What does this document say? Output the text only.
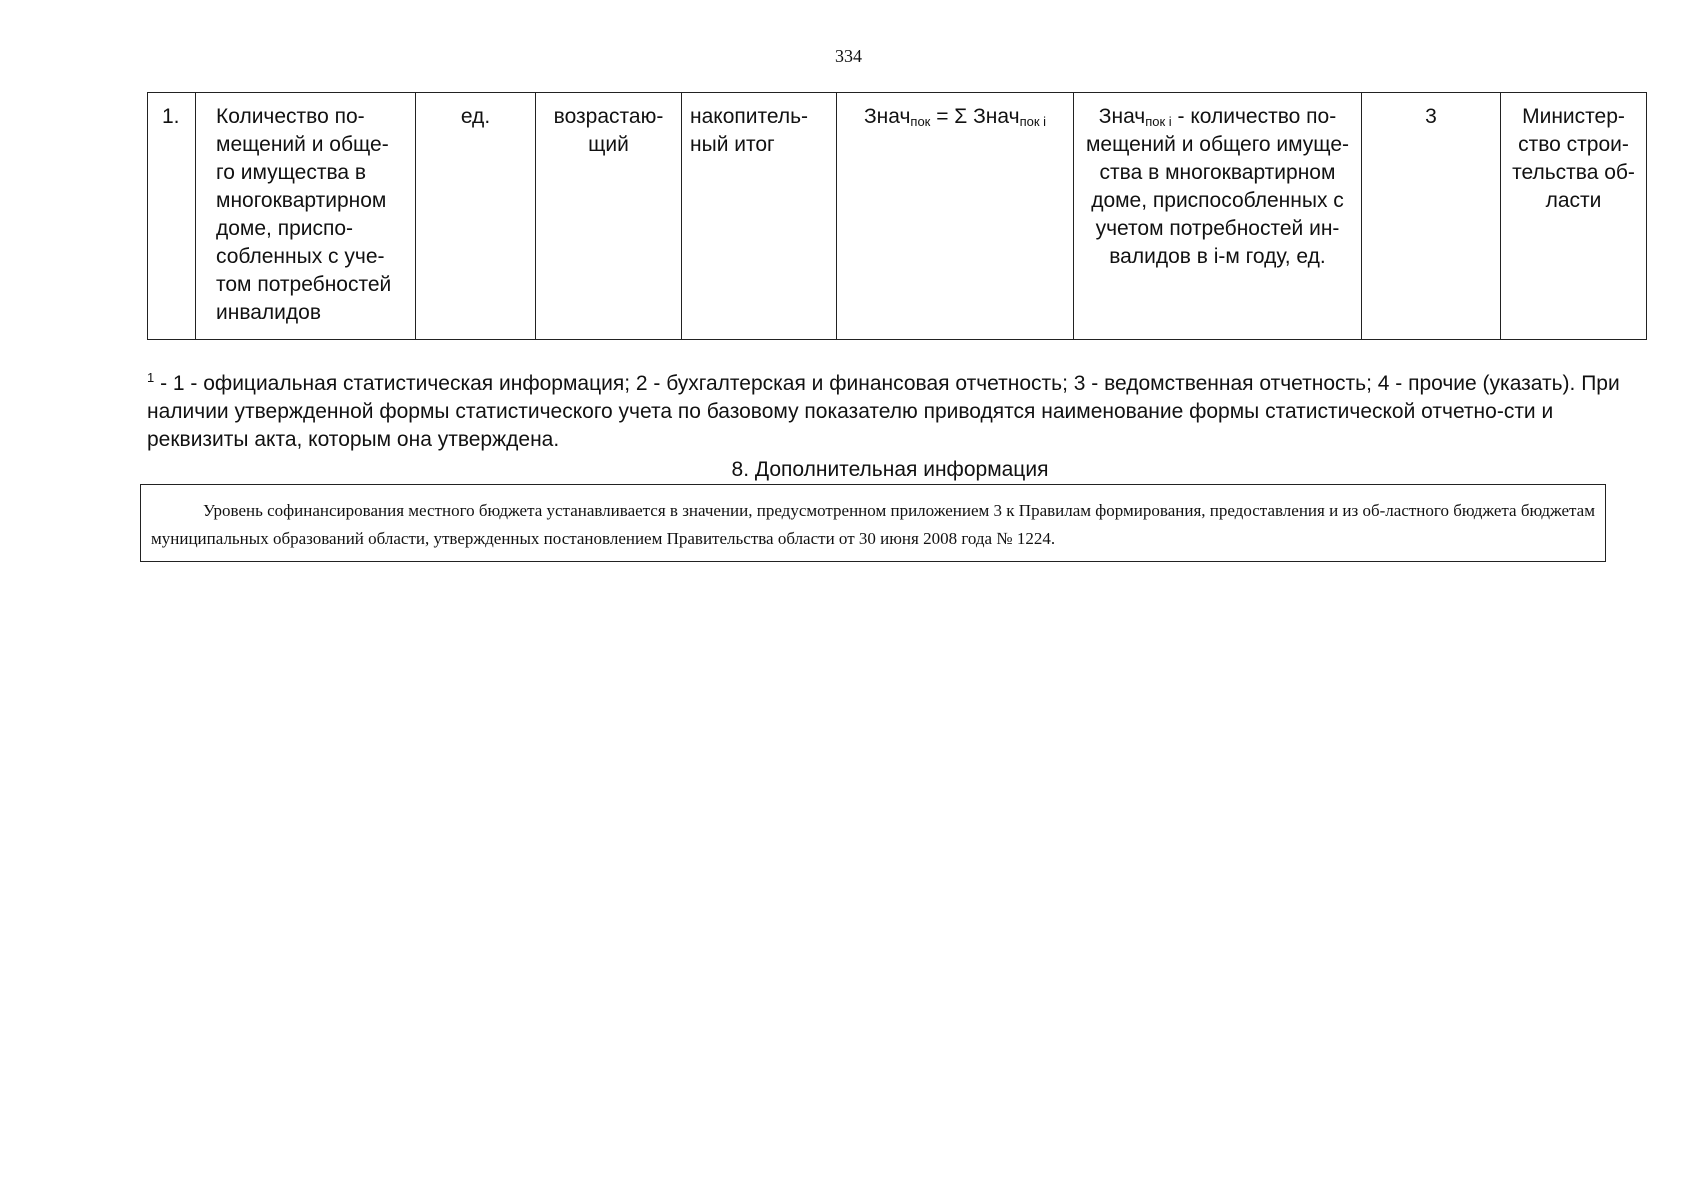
334
1.	Количество по-мещений и обще-го имущества в многоквартирном доме, приспо-собленных с уче-том потребностей инвалидов	ед.	возрастаю-щий	накопитель-ный итог	Знач$_{пок}$ = Σ Знач$_{пок i}$	Знач$_{пок i}$ - количество по-мещений и общего имуще-ства в многоквартирном доме, приспособленных с учетом потребностей ин-валидов в i-м году, ед.	3	Министер-ство строи-тельства об-ласти

$^1$ - 1 - официальная статистическая информация; 2 - бухгалтерская и финансовая отчетность; 3 - ведомственная отчетность; 4 - прочие (указать). При наличии утвержденной формы статистического учета по базовому показателю приводятся наименование формы статистической отчетно-сти и реквизиты акта, которым она утверждена.

8. Дополнительная информация

Уровень софинансирования местного бюджета устанавливается в значении, предусмотренном приложением 3 к Правилам формирования, предоставления и из об-ластного бюджета бюджетам муниципальных образований области, утвержденных постановлением Правительства области от 30 июня 2008 года № 1224.
